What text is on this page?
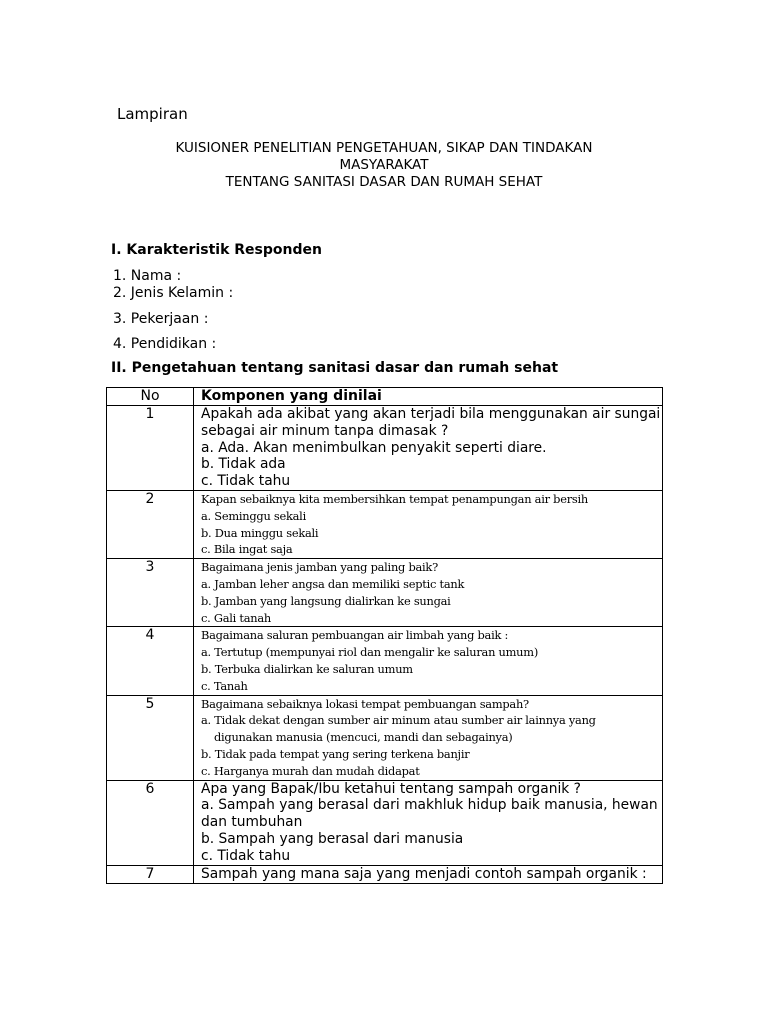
Lampiran
KUISIONER PENELITIAN PENGETAHUAN, SIKAP DAN TINDAKAN
MASYARAKAT
TENTANG SANITASI DASAR DAN RUMAH SEHAT
I. Karakteristik Responden
1. Nama :
2. Jenis Kelamin :
3. Pekerjaan :
4. Pendidikan :
II. Pengetahuan tentang sanitasi dasar dan rumah sehat
No	Komponen yang dinilai
1	Apakah ada akibat yang akan terjadi bila menggunakan air sungai sebagai air minum tanpa dimasak ?
a. Ada. Akan menimbulkan penyakit seperti diare.
b. Tidak ada
c. Tidak tahu

2	Kapan sebaiknya kita membersihkan tempat penampungan air bersih
a. Seminggu sekali
b. Dua minggu sekali
c. Bila ingat saja

3	Bagaimana jenis jamban yang paling baik?
a. Jamban leher angsa dan memiliki septic tank
b. Jamban yang langsung dialirkan ke sungai
c. Gali tanah

4	Bagaimana saluran pembuangan air limbah yang baik :
a. Tertutup (mempunyai riol dan mengalir ke saluran umum)
b. Terbuka dialirkan ke saluran umum
c. Tanah

5	Bagaimana sebaiknya lokasi tempat pembuangan sampah?
a. Tidak dekat dengan sumber air minum atau sumber air lainnya yang
digunakan manusia (mencuci, mandi dan sebagainya)
b. Tidak pada tempat yang sering terkena banjir
c. Harganya murah dan mudah didapat

6	Apa yang Bapak/Ibu ketahui tentang sampah organik ?
a. Sampah yang berasal dari makhluk hidup baik manusia, hewan dan tumbuhan
b. Sampah yang berasal dari manusia
c. Tidak tahu

7	Sampah yang mana saja yang menjadi contoh sampah organik :
